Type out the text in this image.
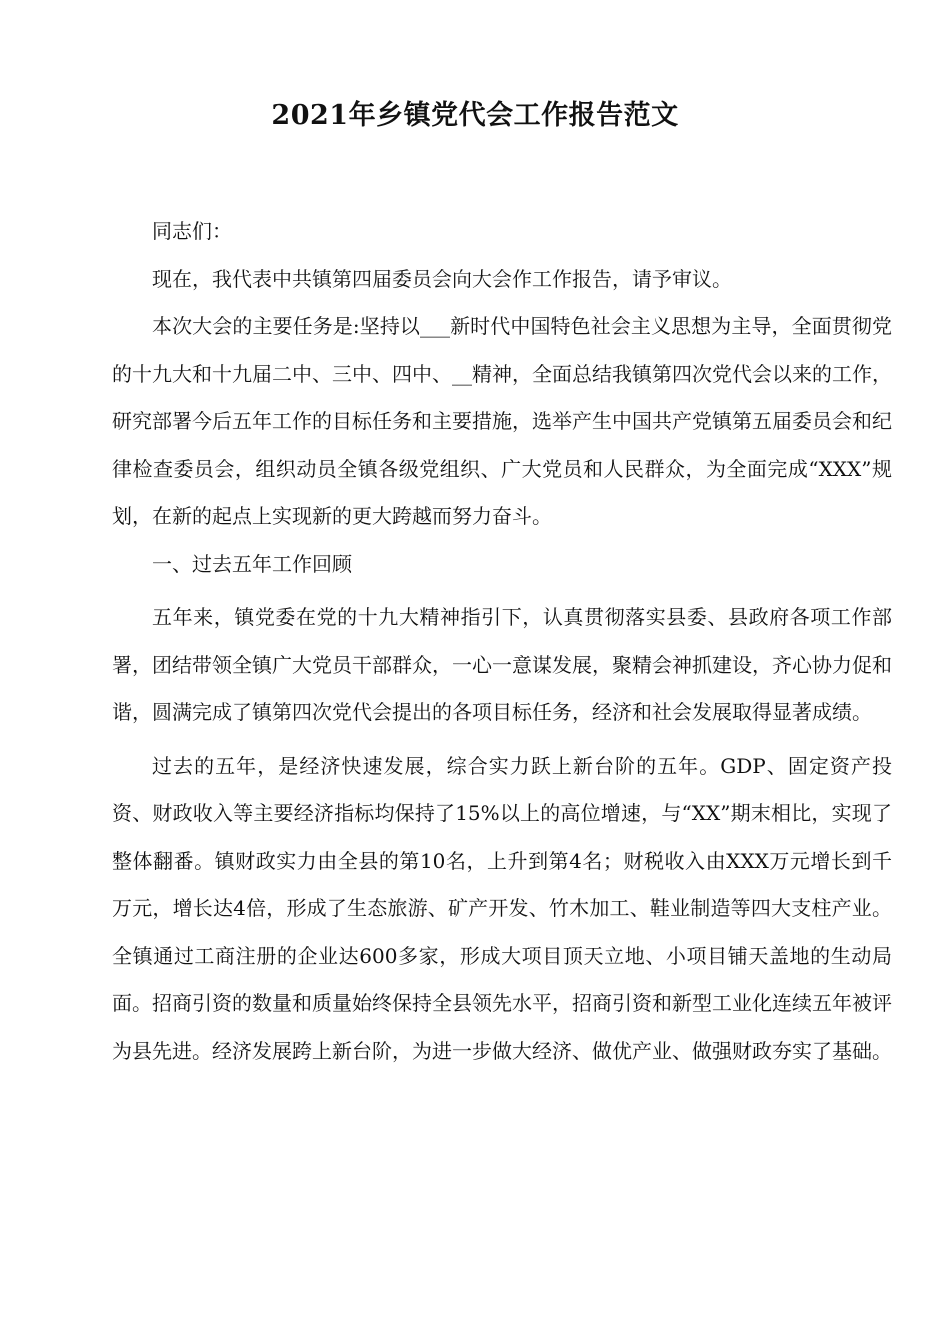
2021年乡镇党代会工作报告范文

同志们：

现在，我代表中共镇第四届委员会向大会作工作报告，请予审议。

本次大会的主要任务是:坚持以___新时代中国特色社会主义思想为主导，全面贯彻党的十九大和十九届二中、三中、四中、__精神，全面总结我镇第四次党代会以来的工作，研究部署今后五年工作的目标任务和主要措施，选举产生中国共产党镇第五届委员会和纪律检查委员会，组织动员全镇各级党组织、广大党员和人民群众，为全面完成“XXX”规划，在新的起点上实现新的更大跨越而努力奋斗。

一、过去五年工作回顾

五年来，镇党委在党的十九大精神指引下，认真贯彻落实县委、县政府各项工作部署，团结带领全镇广大党员干部群众，一心一意谋发展，聚精会神抓建设，齐心协力促和谐，圆满完成了镇第四次党代会提出的各项目标任务，经济和社会发展取得显著成绩。

过去的五年，是经济快速发展，综合实力跃上新台阶的五年。GDP、固定资产投资、财政收入等主要经济指标均保持了15%以上的高位增速，与“XX”期末相比，实现了整体翻番。镇财政实力由全县的第10名，上升到第4名；财税收入由XXX万元增长到千万元，增长达4倍，形成了生态旅游、矿产开发、竹木加工、鞋业制造等四大支柱产业。全镇通过工商注册的企业达600多家，形成大项目顶天立地、小项目铺天盖地的生动局面。招商引资的数量和质量始终保持全县领先水平，招商引资和新型工业化连续五年被评为县先进。经济发展跨上新台阶，为进一步做大经济、做优产业、做强财政夯实了基础。
